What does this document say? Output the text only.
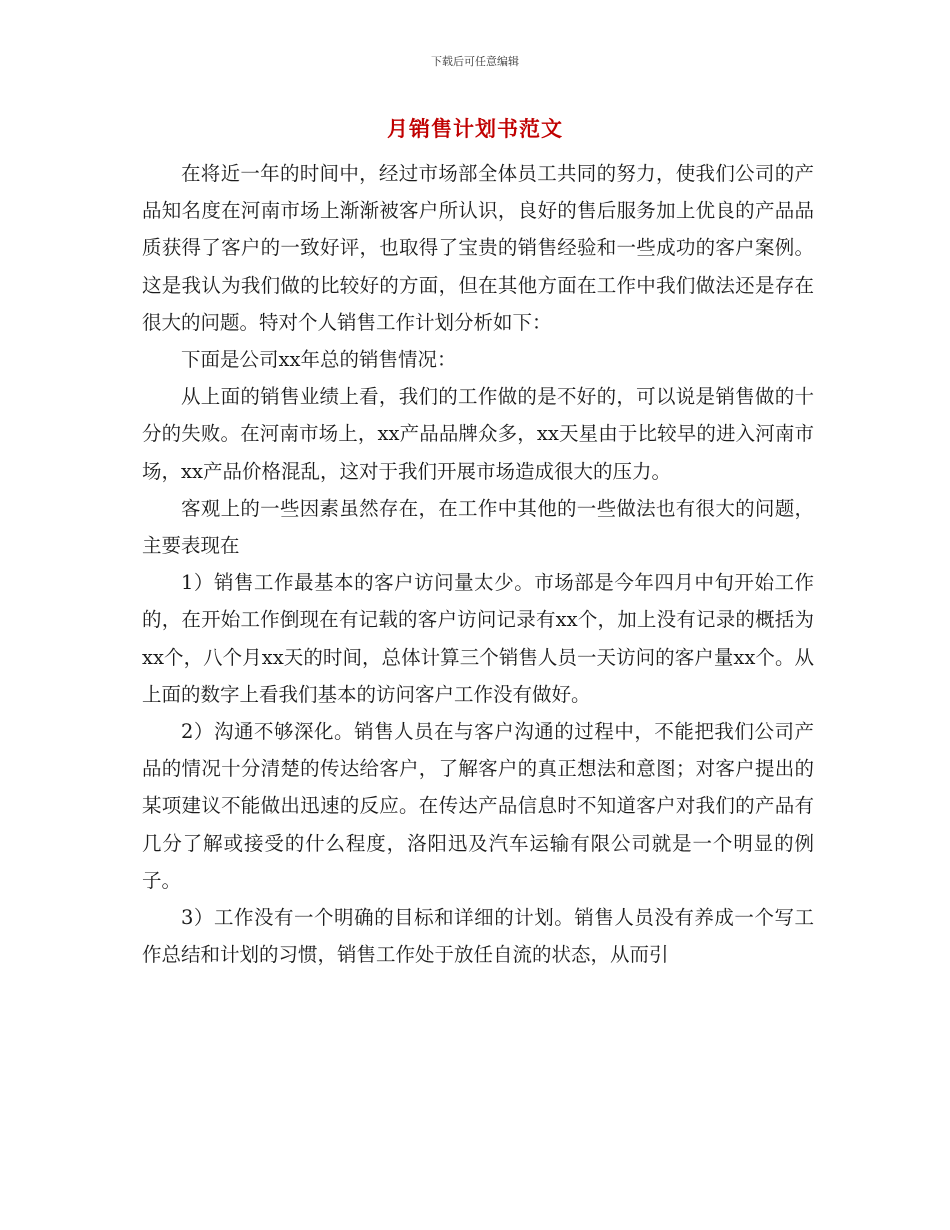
下载后可任意编辑
月销售计划书范文

在将近一年的时间中，经过市场部全体员工共同的努力，使我们公司的产品知名度在河南市场上渐渐被客户所认识，良好的售后服务加上优良的产品品质获得了客户的一致好评，也取得了宝贵的销售经验和一些成功的客户案例。这是我认为我们做的比较好的方面，但在其他方面在工作中我们做法还是存在很大的问题。特对个人销售工作计划分析如下：

下面是公司xx年总的销售情况：

从上面的销售业绩上看，我们的工作做的是不好的，可以说是销售做的十分的失败。在河南市场上，xx产品品牌众多，xx天星由于比较早的进入河南市场，xx产品价格混乱，这对于我们开展市场造成很大的压力。

客观上的一些因素虽然存在，在工作中其他的一些做法也有很大的问题，主要表现在

1）销售工作最基本的客户访问量太少。市场部是今年四月中旬开始工作的，在开始工作倒现在有记载的客户访问记录有xx个，加上没有记录的概括为xx个，八个月xx天的时间，总体计算三个销售人员一天访问的客户量xx个。从上面的数字上看我们基本的访问客户工作没有做好。

2）沟通不够深化。销售人员在与客户沟通的过程中，不能把我们公司产品的情况十分清楚的传达给客户，了解客户的真正想法和意图；对客户提出的某项建议不能做出迅速的反应。在传达产品信息时不知道客户对我们的产品有几分了解或接受的什么程度，洛阳迅及汽车运输有限公司就是一个明显的例子。

3）工作没有一个明确的目标和详细的计划。销售人员没有养成一个写工作总结和计划的习惯，销售工作处于放任自流的状态，从而引
